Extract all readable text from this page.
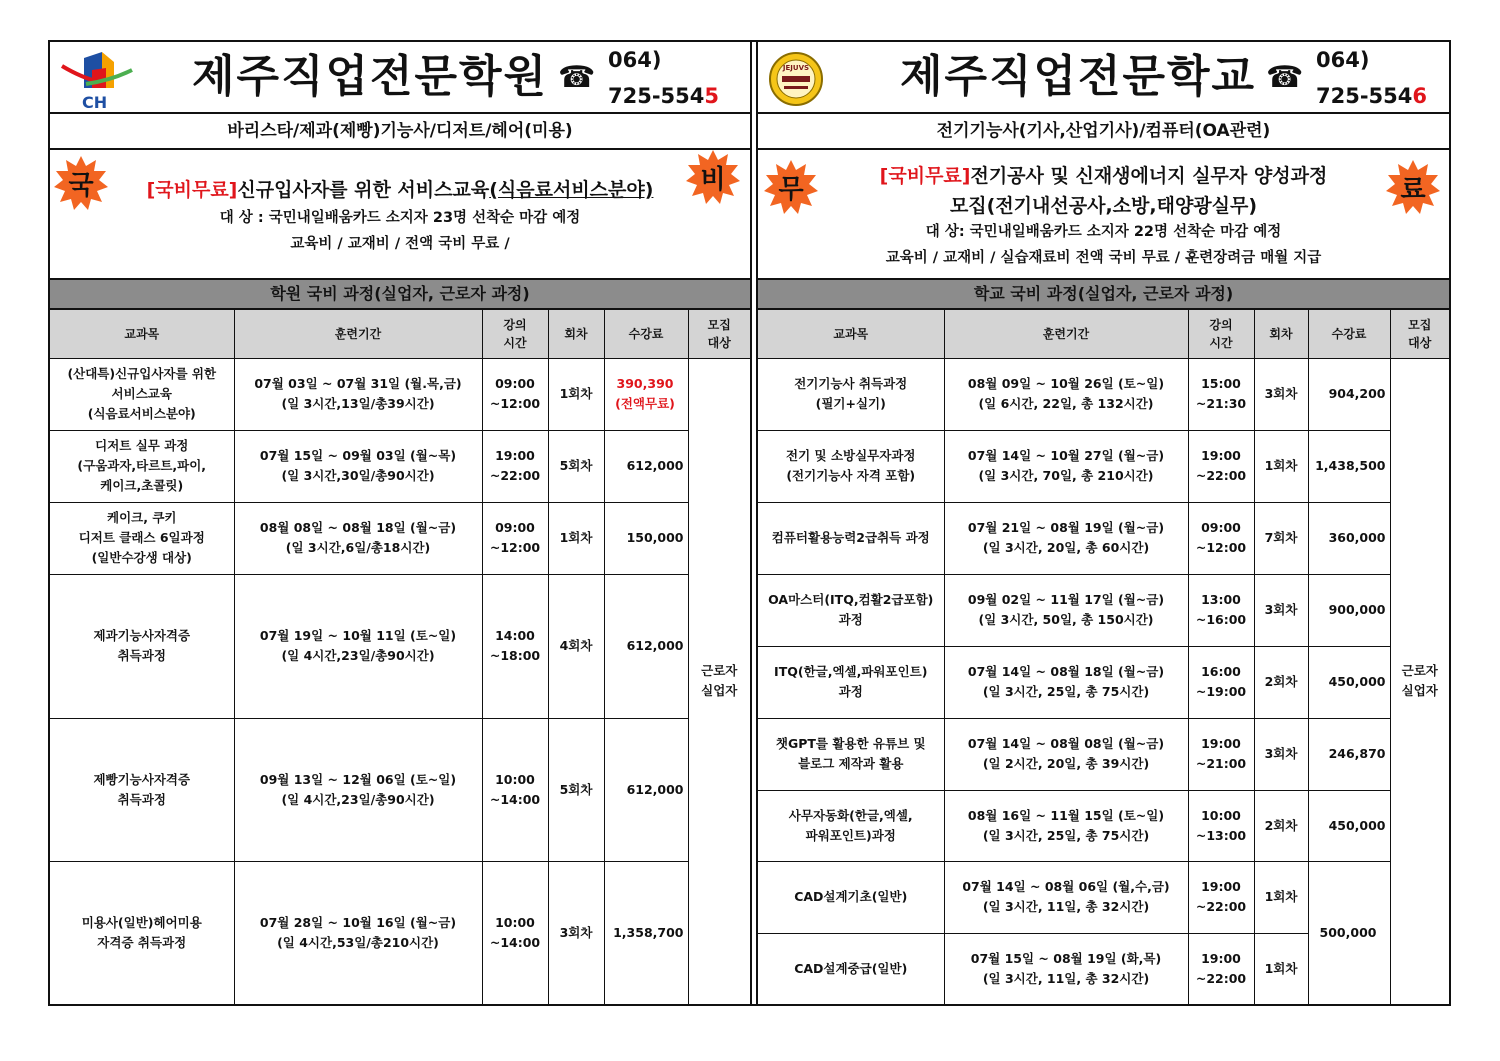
CH
제주직업전문학원 ☎ 064)
725-5545
바리스타/제과(제빵)기능사/디저트/헤어(미용)
국	비
[국비무료]신규입사자를 위한 서비스교육(식음료서비스분야)
대 상 : 국민내일배움카드 소지자 23명 선착순 마감 예정
교육비 / 교재비 / 전액 국비 무료 /
학원 국비 과정(실업자, 근로자 과정)
교과목	훈련기간	강의
시간	회차	수강료	모집
대상
(산대특)신규입사자를 위한
서비스교육
(식음료서비스분야)	07월 03일 ~ 07월 31일 (월.목,금)
(일 3시간,13일/총39시간)	09:00
~12:00	1회차	390,390
(전액무료)	근로자
실업자
디저트 실무 과정
(구움과자,타르트,파이,
케이크,초콜릿)	07월 15일 ~ 09월 03일 (월~목)
(일 3시간,30일/총90시간)	19:00
~22:00	5회차	612,000	
케이크, 쿠키
디저트 클래스 6일과정
(일반수강생 대상)	08월 08일 ~ 08월 18일 (월~금)
(일 3시간,6일/총18시간)	09:00
~12:00	1회차	150,000	
제과기능사자격증
취득과정	07월 19일 ~ 10월 11일 (토~일)
(일 4시간,23일/총90시간)	14:00
~18:00	4회차	612,000	
제빵기능사자격증
취득과정	09월 13일 ~ 12월 06일 (토~일)
(일 4시간,23일/총90시간)	10:00
~14:00	5회차	612,000	
미용사(일반)헤어미용
자격증 취득과정	07월 28일 ~ 10월 16일 (월~금)
(일 4시간,53일/총210시간)	10:00
~14:00	3회차	1,358,700	
JEJUVS	제주직업전문학교 ☎ 064)
725-5546
전기기능사(기사,산업기사)/컴퓨터(OA관련)
무	료
[국비무료]전기공사 및 신재생에너지 실무자 양성과정
모집(전기내선공사,소방,태양광실무)
대 상: 국민내일배움카드 소지자 22명 선착순 마감 예정
교육비 / 교재비 / 실습재료비 전액 국비 무료 / 훈련장려금 매월 지급
학교 국비 과정(실업자, 근로자 과정)
교과목	훈련기간	강의
시간	회차	수강료	모집
대상
전기기능사 취득과정
(필기+실기)	08월 09일 ~ 10월 26일 (토~일)
(일 6시간, 22일, 총 132시간)	15:00
~21:30	3회차	904,200	근로자
실업자
전기 및 소방실무자과정
(전기기능사 자격 포함)	07월 14일 ~ 10월 27일 (월~금)
(일 3시간, 70일, 총 210시간)	19:00
~22:00	1회차	1,438,500	
컴퓨터활용능력2급취득 과정	07월 21일 ~ 08월 19일 (월~금)
(일 3시간, 20일, 총 60시간)	09:00
~12:00	7회차	360,000	
OA마스터(ITQ,컴활2급포함)
과정	09월 02일 ~ 11월 17일 (월~금)
(일 3시간, 50일, 총 150시간)	13:00
~16:00	3회차	900,000	
ITQ(한글,엑셀,파워포인트)
과정	07월 14일 ~ 08월 18일 (월~금)
(일 3시간, 25일, 총 75시간)	16:00
~19:00	2회차	450,000	
챗GPT를 활용한 유튜브 및
블로그 제작과 활용	07월 14일 ~ 08월 08일 (월~금)
(일 2시간, 20일, 총 39시간)	19:00
~21:00	3회차	246,870	
사무자동화(한글,엑셀,
파워포인트)과정	08월 16일 ~ 11월 15일 (토~일)
(일 3시간, 25일, 총 75시간)	10:00
~13:00	2회차	450,000	
CAD설계기초(일반)	07월 14일 ~ 08월 06일 (월,수,금)
(일 3시간, 11일, 총 32시간)	19:00
~22:00	1회차	500,000	
CAD설계중급(일반)	07월 15일 ~ 08월 19일 (화,목)
(일 3시간, 11일, 총 32시간)	19:00
~22:00	1회차		
